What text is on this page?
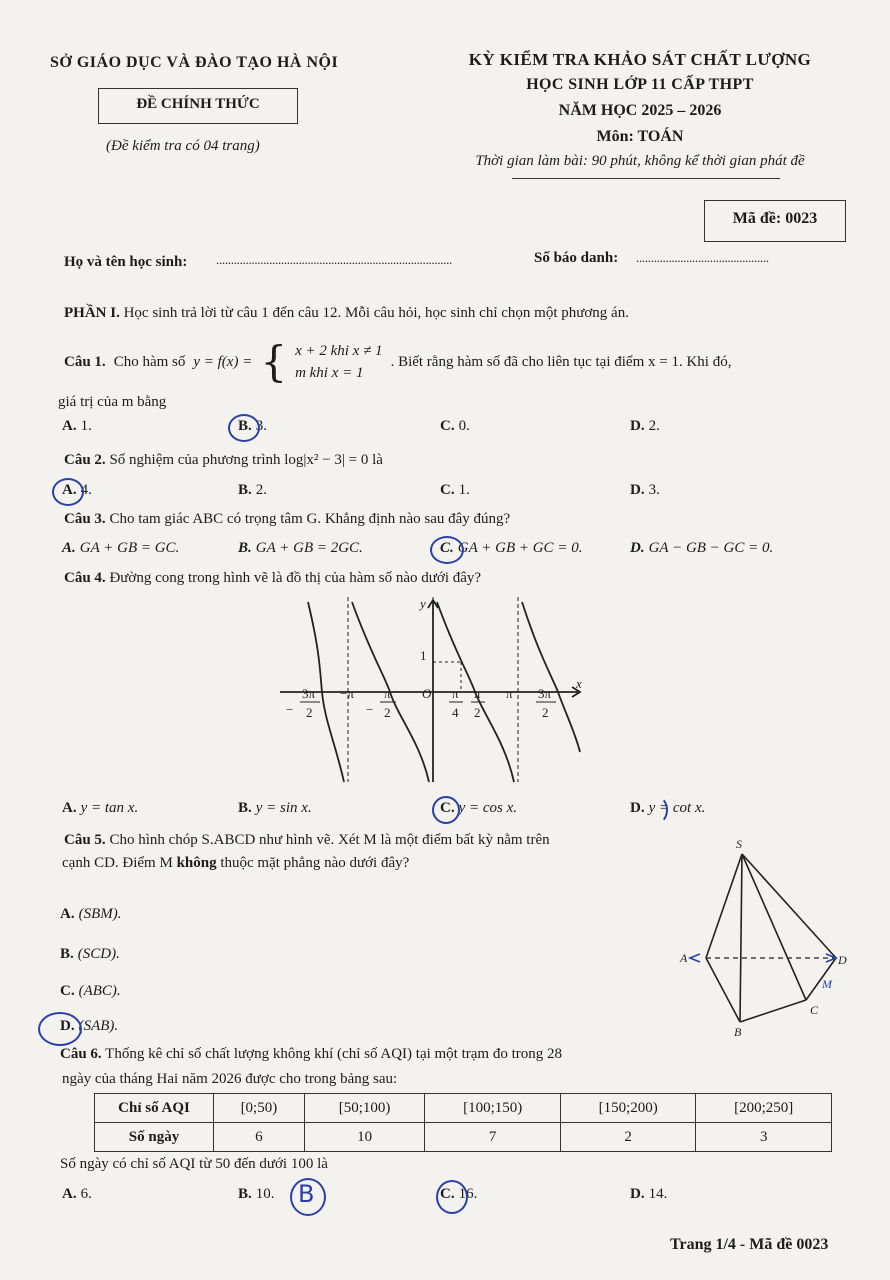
SỞ GIÁO DỤC VÀ ĐÀO TẠO HÀ NỘI
ĐỀ CHÍNH THỨC
(Đề kiểm tra có 04 trang)
KỲ KIỂM TRA KHẢO SÁT CHẤT LƯỢNG
HỌC SINH LỚP 11 CẤP THPT
NĂM HỌC 2025 – 2026
Môn: TOÁN
Thời gian làm bài: 90 phút, không kể thời gian phát đề
Mã đề: 0023
Họ và tên học sinh: ................................................................................	Số báo danh: .............................................
PHẦN I. Học sinh trả lời từ câu 1 đến câu 12. Mỗi câu hỏi, học sinh chỉ chọn một phương án.
Câu 1. Cho hàm số y = f(x) = { x + 2 khi x ≠ 1
m khi x = 1
. Biết rằng hàm số đã cho liên tục tại điểm x = 1. Khi đó,
giá trị của m bằng
A. 1.	B. 3.	C. 0.	D. 2.
Câu 2. Số nghiệm của phương trình log|x² − 3| = 0 là
A. 4.	B. 2.	C. 1.	D. 3.
Câu 3. Cho tam giác ABC có trọng tâm G. Khẳng định nào sau đây đúng?
A. GA + GB = GC.	B. GA + GB = 2GC.	C. GA + GB + GC = 0.	D. GA − GB − GC = 0.
Câu 4. Đường cong trong hình vẽ là đồ thị của hàm số nào dưới đây?
y
x
O
1
−
3π
2
−π
−
π
2
π
4
π
2
π 3π
2
A. y = tan x.	B. y = sin x.	C. y = cos x.	D. y = cot x.
Câu 5. Cho hình chóp S.ABCD như hình vẽ. Xét M là một điểm bất kỳ nằm trên
cạnh CD. Điểm M không thuộc mặt phẳng nào dưới đây?
A. (SBM).
B. (SCD).
C. (ABC).
D. (SAB).
S
A	D
B
C
M
Câu 6. Thống kê chỉ số chất lượng không khí (chỉ số AQI) tại một trạm đo trong 28
ngày của tháng Hai năm 2026 được cho trong bảng sau:
Chỉ số AQI	[0;50)	[50;100)	[100;150)	[150;200)	[200;250]
Số ngày	6	10	7	2	3
Số ngày có chỉ số AQI từ 50 đến dưới 100 là
A. 6.	B. 10.	C. 16.	D. 14.
B
Trang 1/4 - Mã đề 0023
